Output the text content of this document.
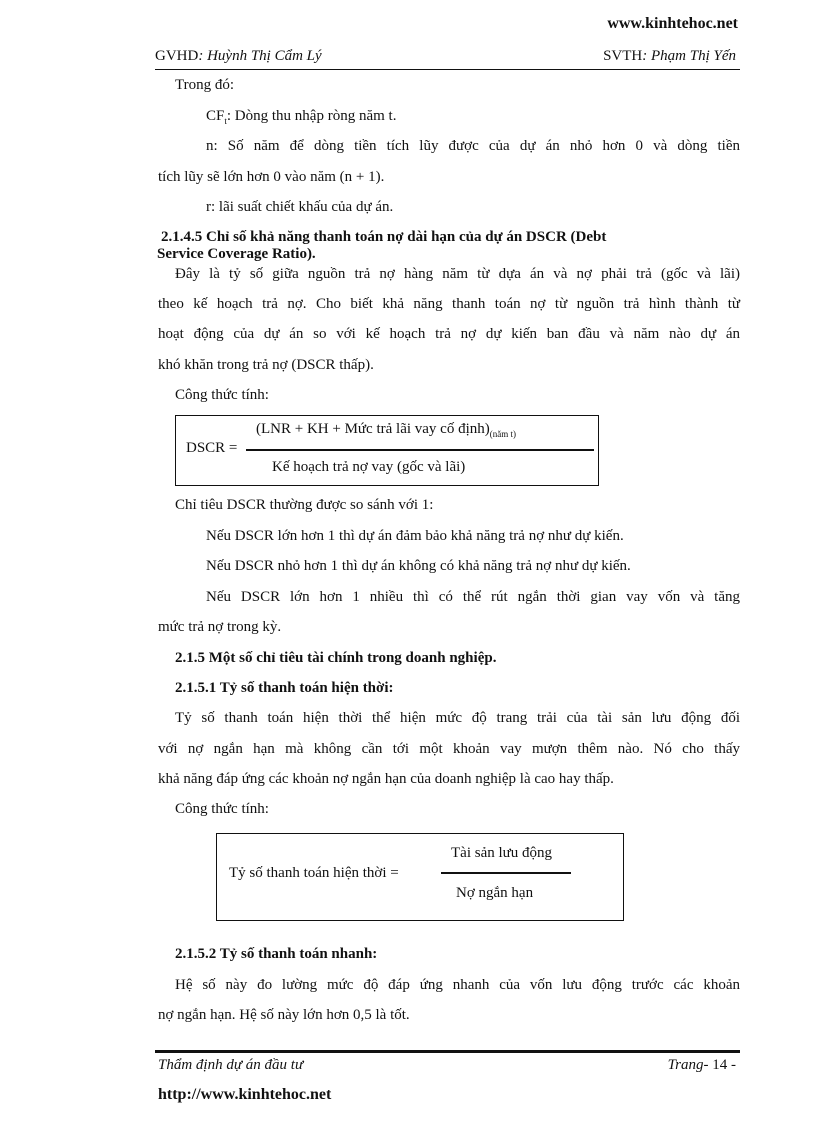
www.kinhtehoc.net
GVHD: Huỳnh Thị Cẩm Lý	SVTH: Phạm Thị Yến
Trong đó:
$CF_t$: Dòng thu nhập ròng năm t.
n: Số năm để dòng tiền tích lũy được của dự án nhỏ hơn 0 và dòng tiền
tích lũy sẽ lớn hơn 0 vào năm (n + 1).
r: lãi suất chiết khấu của dự án.
2.1.4.5 Chỉ số khả năng thanh toán nợ dài hạn của dự án DSCR (Debt
Service Coverage Ratio).
Đây là tỷ số giữa nguồn trả nợ hàng năm từ dựa án và nợ phải trả (gốc và lãi)
theo kế hoạch trả nợ. Cho biết khả năng thanh toán nợ từ nguồn trả hình thành từ
hoạt động của dự án so với kế hoạch trả nợ dự kiến ban đầu và năm nào dự án
khó khăn trong trả nợ (DSCR thấp).
Công thức tính:
DSCR =
(LNR + KH + Mức trả lãi vay cố $định)_{(năm t)}$
Kế hoạch trả nợ vay (gốc và lãi)
Chỉ tiêu DSCR thường được so sánh với 1:
Nếu DSCR lớn hơn 1 thì dự án đảm bảo khả năng trả nợ như dự kiến.
Nếu DSCR nhỏ hơn 1 thì dự án không có khả năng trả nợ như dự kiến.
Nếu DSCR lớn hơn 1 nhiều thì có thể rút ngắn thời gian vay vốn và tăng
mức trả nợ trong kỳ.
2.1.5 Một số chỉ tiêu tài chính trong doanh nghiệp.
2.1.5.1 Tỷ số thanh toán hiện thời:
Tỷ số thanh toán hiện thời thể hiện mức độ trang trải của tài sản lưu động đối
với nợ ngắn hạn mà không cần tới một khoản vay mượn thêm nào. Nó cho thấy
khả năng đáp ứng các khoản nợ ngắn hạn của doanh nghiệp là cao hay thấp.
Công thức tính:
Tỷ số thanh toán hiện thời =
Tài sản lưu động
Nợ ngắn hạn
2.1.5.2 Tỷ số thanh toán nhanh:
Hệ số này đo lường mức độ đáp ứng nhanh của vốn lưu động trước các khoản
nợ ngắn hạn. Hệ số này lớn hơn 0,5 là tốt.
Thẩm định dự án đầu tư	Trang- 14 -
http://www.kinhtehoc.net
